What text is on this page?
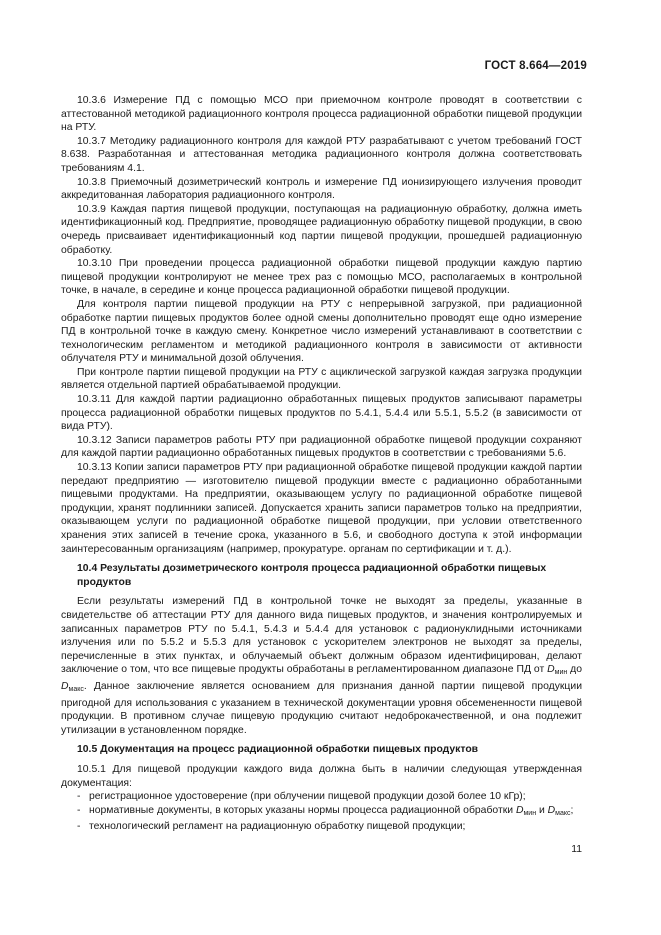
ГОСТ 8.664—2019

10.3.6 Измерение ПД с помощью МСО при приемочном контроле проводят в соответствии с аттестованной методикой радиационного контроля процесса радиационной обработки пищевой продукции на РТУ.

10.3.7 Методику радиационного контроля для каждой РТУ разрабатывают с учетом требований ГОСТ 8.638. Разработанная и аттестованная методика радиационного контроля должна соответствовать требованиям 4.1.

10.3.8 Приемочный дозиметрический контроль и измерение ПД ионизирующего излучения проводит аккредитованная лаборатория радиационного контроля.

10.3.9 Каждая партия пищевой продукции, поступающая на радиационную обработку, должна иметь идентификационный код. Предприятие, проводящее радиационную обработку пищевой продукции, в свою очередь присваивает идентификационный код партии пищевой продукции, прошедшей радиационную обработку.

10.3.10 При проведении процесса радиационной обработки пищевой продукции каждую партию пищевой продукции контролируют не менее трех раз с помощью МСО, располагаемых в контрольной точке, в начале, в середине и конце процесса радиационной обработки пищевой продукции.

Для контроля партии пищевой продукции на РТУ с непрерывной загрузкой, при радиационной обработке партии пищевых продуктов более одной смены дополнительно проводят еще одно измерение ПД в контрольной точке в каждую смену. Конкретное число измерений устанавливают в соответствии с технологическим регламентом и методикой радиационного контроля в зависимости от активности облучателя РТУ и минимальной дозой облучения.

При контроле партии пищевой продукции на РТУ с ациклической загрузкой каждая загрузка продукции является отдельной партией обрабатываемой продукции.

10.3.11 Для каждой партии радиационно обработанных пищевых продуктов записывают параметры процесса радиационной обработки пищевых продуктов по 5.4.1, 5.4.4 или 5.5.1, 5.5.2 (в зависимости от вида РТУ).

10.3.12 Записи параметров работы РТУ при радиационной обработке пищевой продукции сохраняют для каждой партии радиационно обработанных пищевых продуктов в соответствии с требованиями 5.6.

10.3.13 Копии записи параметров РТУ при радиационной обработке пищевой продукции каждой партии передают предприятию — изготовителю пищевой продукции вместе с радиационно обработанными пищевыми продуктами. На предприятии, оказывающем услугу по радиационной обработке пищевой продукции, хранят подлинники записей. Допускается хранить записи параметров только на предприятии, оказывающем услуги по радиационной обработке пищевой продукции, при условии ответственного хранения этих записей в течение срока, указанного в 5.6, и свободного доступа к этой информации заинтересованным организациям (например, прокуратуре. органам по сертификации и т. д.).

10.4 Результаты дозиметрического контроля процесса радиационной обработки пищевых продуктов

Если результаты измерений ПД в контрольной точке не выходят за пределы, указанные в свидетельстве об аттестации РТУ для данного вида пищевых продуктов, и значения контролируемых и записанных параметров РТУ по 5.4.1, 5.4.3 и 5.4.4 для установок с радионуклидными источниками излучения или по 5.5.2 и 5.5.3 для установок с ускорителем электронов не выходят за пределы, перечисленные в этих пунктах, и облучаемый объект должным образом идентифицирован, делают заключение о том, что все пищевые продукты обработаны в регламентированном диапазоне ПД от $D_{мин}$ до $D_{макс}$. Данное заключение является основанием для признания данной партии пищевой продукции пригодной для использования с указанием в технической документации уровня обсемененности пищевой продукции. В противном случае пищевую продукцию считают недоброкачественной, и она подлежит утилизации в установленном порядке.

10.5 Документация на процесс радиационной обработки пищевых продуктов

10.5.1 Для пищевой продукции каждого вида должна быть в наличии следующая утвержденная документация:

- регистрационное удостоверение (при облучении пищевой продукции дозой более 10 кГр);
- нормативные документы, в которых указаны нормы процесса радиационной обработки $D_{мин}$ и $D_{макс}$;
- технологический регламент на радиационную обработку пищевой продукции;
11
